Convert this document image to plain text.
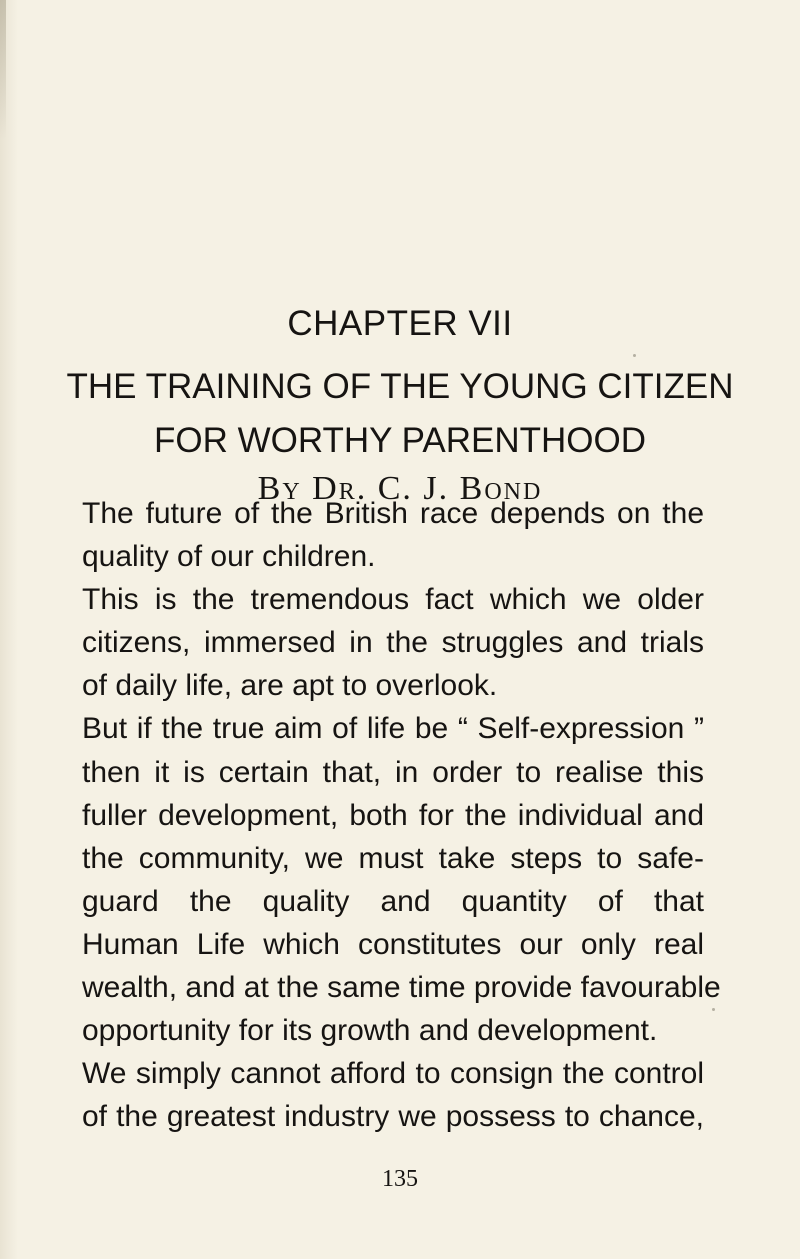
CHAPTER VII
THE TRAINING OF THE YOUNG CITIZEN
FOR WORTHY PARENTHOOD
By Dr. C. J. Bond
The future of the British race depends on the
quality of our children.
This is the tremendous fact which we older
citizens, immersed in the struggles and trials
of daily life, are apt to overlook.
But if the true aim of life be “ Self-expression ”
then it is certain that, in order to realise this
fuller development, both for the individual and
the community, we must take steps to safe-
guard the quality and quantity of that
Human Life which constitutes our only real
wealth, and at the same time provide favourable
opportunity for its growth and development.
We simply cannot afford to consign the control
of the greatest industry we possess to chance,
135
